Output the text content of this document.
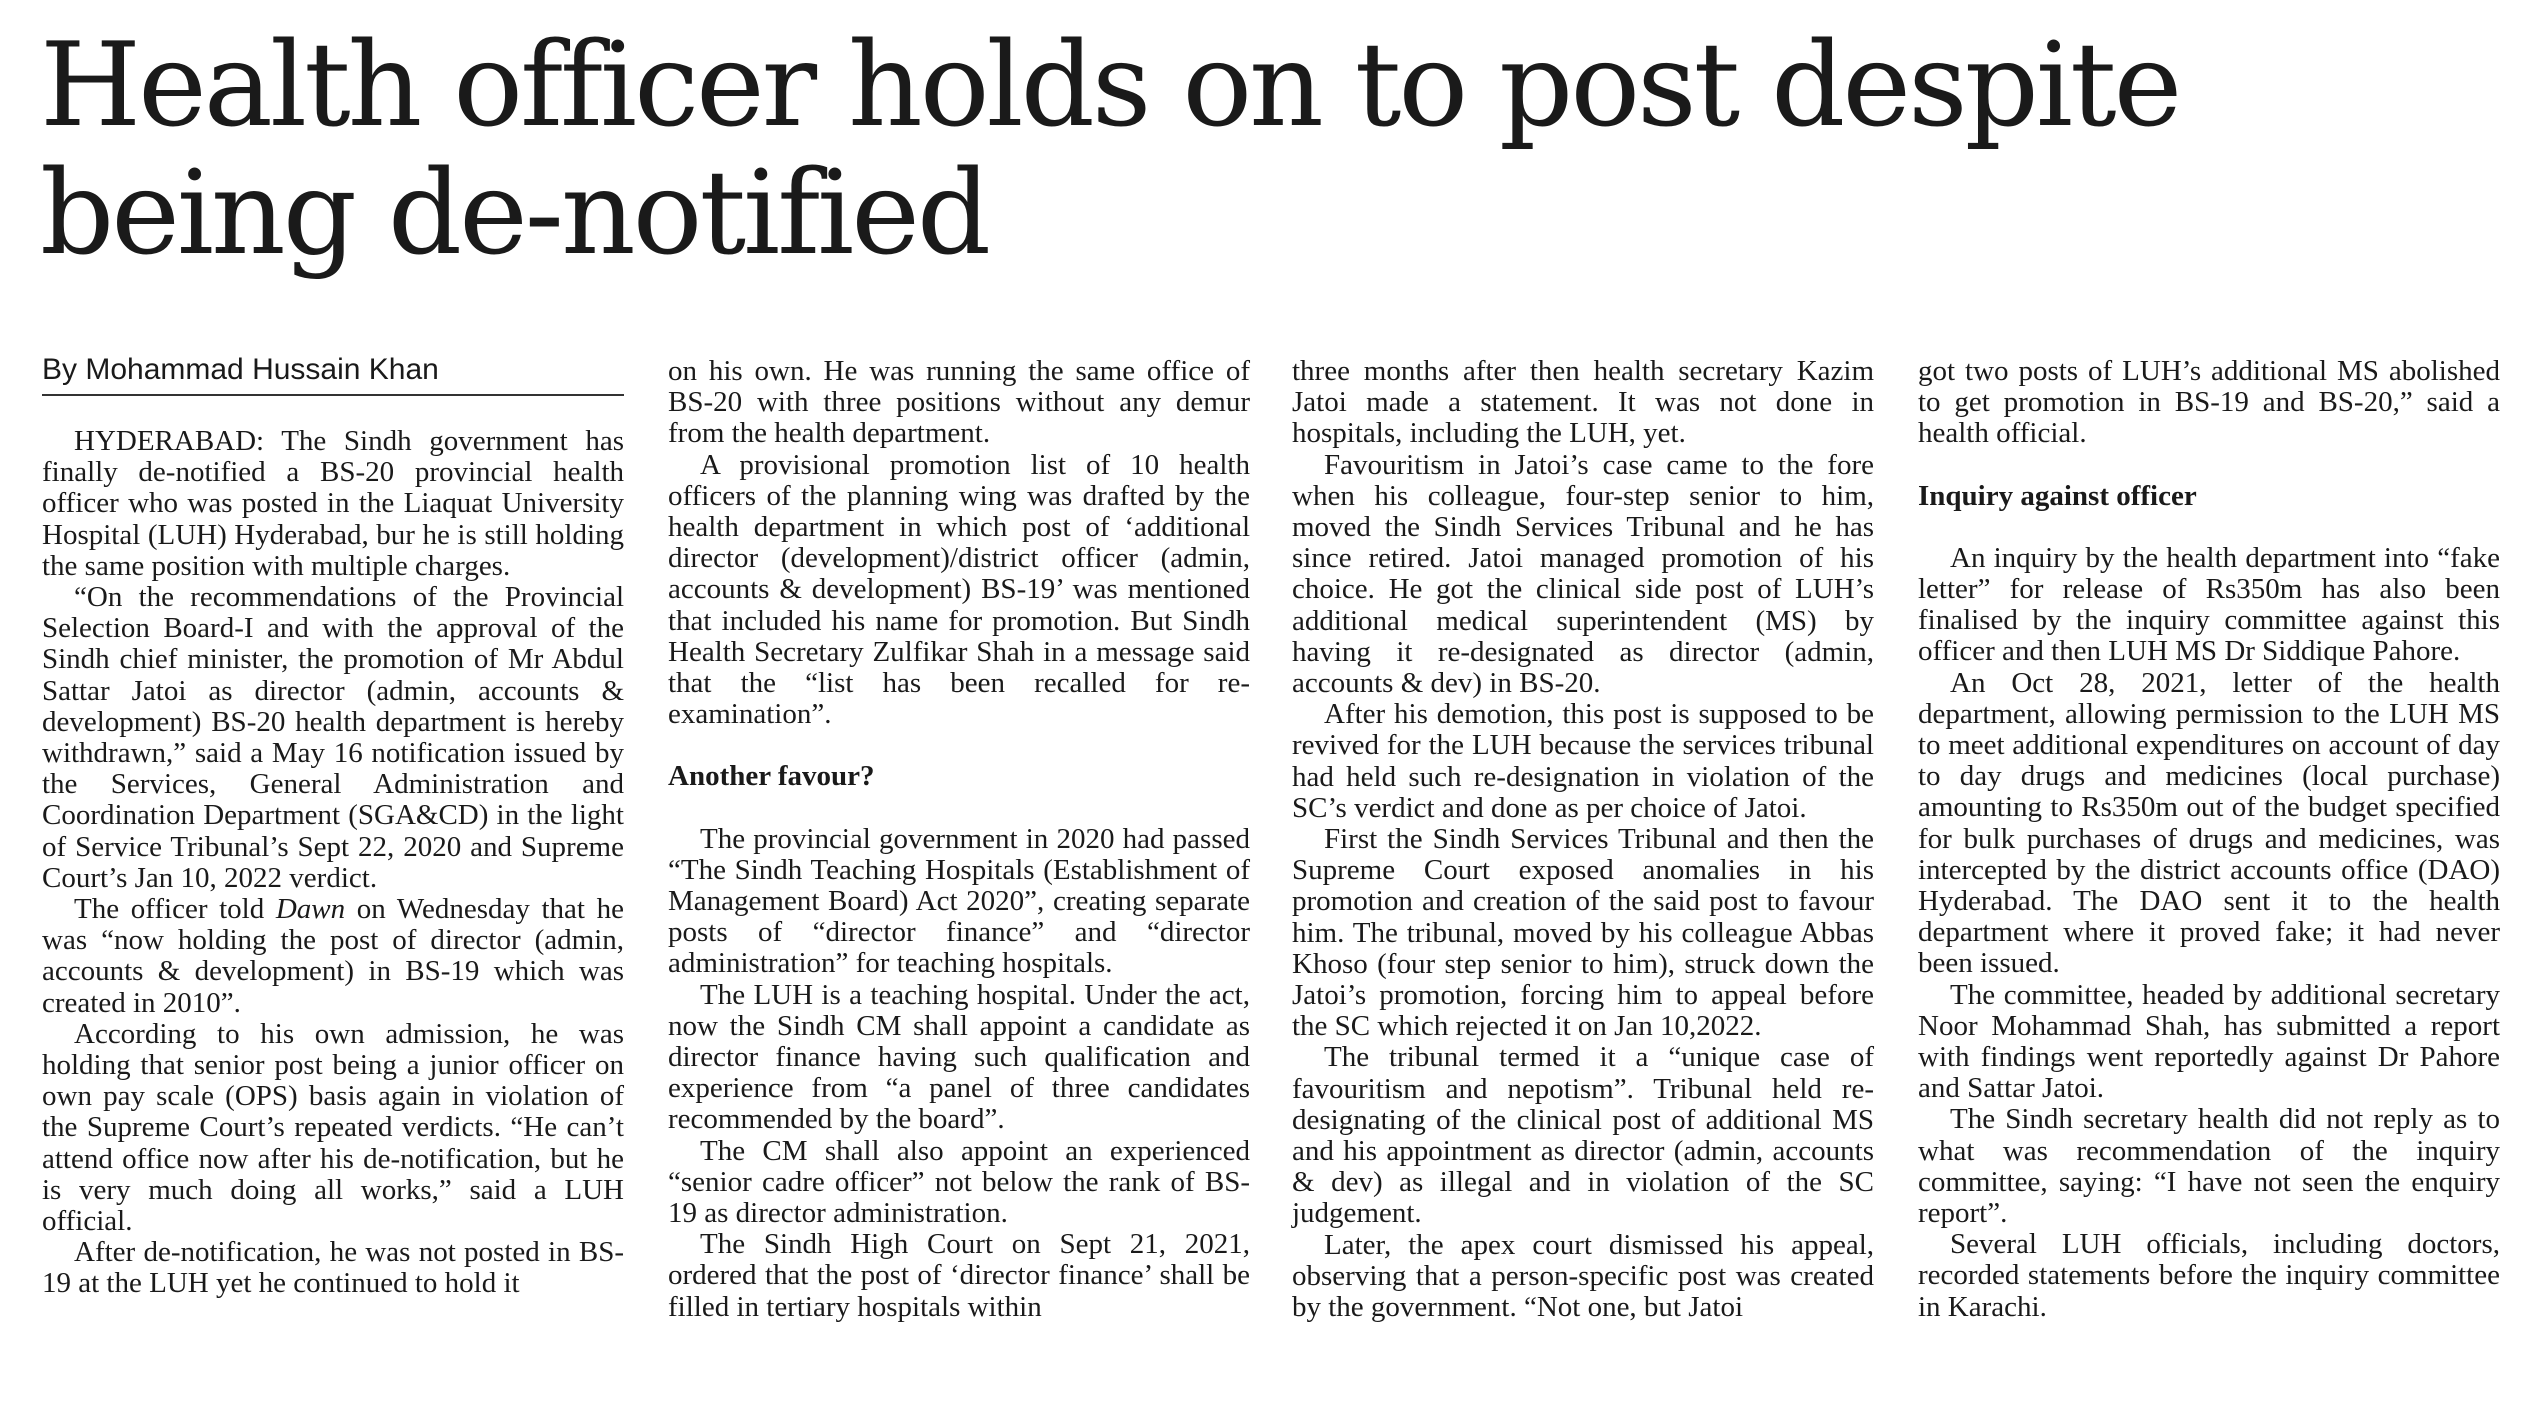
Health officer holds on to post despite being de-notified
By Mohammad Hussain Khan

HYDERABAD: The Sindh government has finally de-notified a BS-20 provincial health officer who was posted in the Liaquat University Hospital (LUH) Hyderabad, bur he is still holding the same position with multiple charges.

“On the recommendations of the Provincial Selection Board-I and with the approval of the Sindh chief minister, the promotion of Mr Abdul Sattar Jatoi as director (admin, accounts & development) BS-20 health department is hereby withdrawn,” said a May 16 notification issued by the Services, General Administration and Coordination Department (SGA&CD) in the light of Service Tribunal’s Sept 22, 2020 and Supreme Court’s Jan 10, 2022 verdict.

The officer told Dawn on Wednesday that he was “now holding the post of director (admin, accounts & development) in BS-19 which was created in 2010”.

According to his own admission, he was holding that senior post being a junior officer on own pay scale (OPS) basis again in violation of the Supreme Court’s repeated verdicts. “He can’t attend office now after his de-notification, but he is very much doing all works,” said a LUH official.

After de-notification, he was not posted in BS-19 at the LUH yet he continued to hold it

on his own. He was running the same office of BS-20 with three positions without any demur from the health department.

A provisional promotion list of 10 health officers of the planning wing was drafted by the health department in which post of ‘additional director (development)/district officer (admin, accounts & development) BS-19’ was mentioned that included his name for promotion. But Sindh Health Secretary Zulfikar Shah in a message said that the “list has been recalled for re-examination”.

Another favour?

The provincial government in 2020 had passed “The Sindh Teaching Hospitals (Establishment of Management Board) Act 2020”, creating separate posts of “director finance” and “director administration” for teaching hospitals.

The LUH is a teaching hospital. Under the act, now the Sindh CM shall appoint a candidate as director finance having such qualification and experience from “a panel of three candidates recommended by the board”.

The CM shall also appoint an experienced “senior cadre officer” not below the rank of BS-19 as director administration.

The Sindh High Court on Sept 21, 2021, ordered that the post of ‘director finance’ shall be filled in tertiary hospitals within

three months after then health secretary Kazim Jatoi made a statement. It was not done in hospitals, including the LUH, yet.

Favouritism in Jatoi’s case came to the fore when his colleague, four-step senior to him, moved the Sindh Services Tribunal and he has since retired. Jatoi managed promotion of his choice. He got the clinical side post of LUH’s additional medical superintendent (MS) by having it re-designated as director (admin, accounts & dev) in BS-20.

After his demotion, this post is supposed to be revived for the LUH because the services tribunal had held such re-designation in violation of the SC’s verdict and done as per choice of Jatoi.

First the Sindh Services Tribunal and then the Supreme Court exposed anomalies in his promotion and creation of the said post to favour him. The tribunal, moved by his colleague Abbas Khoso (four step senior to him), struck down the Jatoi’s promotion, forcing him to appeal before the SC which rejected it on Jan 10,2022.

The tribunal termed it a “unique case of favouritism and nepotism”. Tribunal held re-designating of the clinical post of additional MS and his appointment as director (admin, accounts & dev) as illegal and in violation of the SC judgement.

Later, the apex court dismissed his appeal, observing that a person-specific post was created by the government. “Not one, but Jatoi

got two posts of LUH’s additional MS abolished to get promotion in BS-19 and BS-20,” said a health official.

Inquiry against officer

An inquiry by the health department into “fake letter” for release of Rs350m has also been finalised by the inquiry committee against this officer and then LUH MS Dr Siddique Pahore.

An Oct 28, 2021, letter of the health department, allowing permission to the LUH MS to meet additional expenditures on account of day to day drugs and medicines (local purchase) amounting to Rs350m out of the budget specified for bulk purchases of drugs and medicines, was intercepted by the district accounts office (DAO) Hyderabad. The DAO sent it to the health department where it proved fake; it had never been issued.

The committee, headed by additional secretary Noor Mohammad Shah, has submitted a report with findings went reportedly against Dr Pahore and Sattar Jatoi.

The Sindh secretary health did not reply as to what was recommendation of the inquiry committee, saying: “I have not seen the enquiry report”.

Several LUH officials, including doctors, recorded statements before the inquiry committee in Karachi.
